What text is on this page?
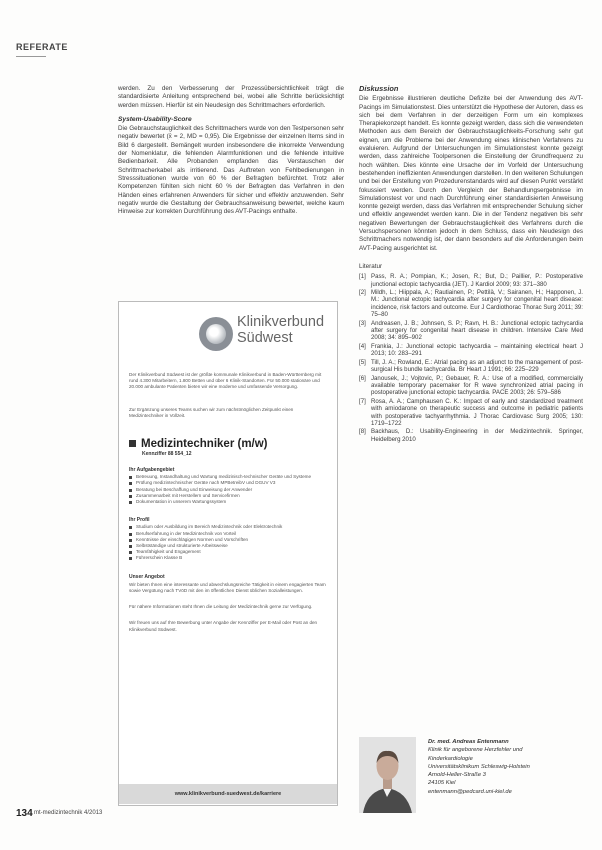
REFERATE

werden. Zu den Verbesserung der Prozessübersichtlichkeit trägt die standardisierte Anleitung entsprechend bei, wobei alle Schritte berücksichtigt werden müssen. Hierfür ist ein Neudesign des Schrittmachers erforderlich.

System-Usability-Score

Die Gebrauchstauglichkeit des Schrittmachers wurde von den Testpersonen sehr negativ bewertet (x̄ = 2, MD = 0,95). Die Ergebnisse der einzelnen Items sind in Bild 6 dargestellt. Bemängelt wurden insbesondere die inkorrekte Verwendung der Nomenklatur, die fehlenden Alarmfunktionen und die fehlende intuitive Bedienbarkeit. Alle Probanden empfanden das Verstauschen der Schrittmacherkabel als irritierend. Das Auftreten von Fehlbedienungen in Stresssituationen wurde von 60 % der Befragten befürchtet. Trotz aller Kompetenzen fühlten sich nicht 60 % der Befragten das Verfahren in den Händen eines erfahrenen Anwenders für sicher und effektiv anzuwenden. Sehr negativ wurde die Gestaltung der Gebrauchsanweisung bewertet, welche kaum Hinweise zur korrekten Durchführung des AVT-Pacings enthalte.

Klinikverbund Südwest
Der Klinikverbund Südwest ist der größte kommunale Klinikverbund in Baden-Württemberg mit rund 4.300 Mitarbeitern, 1.800 Betten und über 6 Klinik-Standorten. Für 50.000 stationäre und 20.000 ambulante Patienten bieten wir eine moderne und umfassende Versorgung.
Zur Ergänzung unseres Teams suchen wir zum nächstmöglichen Zeitpunkt einen Medizintechniker in Vollzeit.
Medizintechniker (m/w)
Kennziffer 88 554_12
Ihr Aufgabengebiet
Betreuung, Instandhaltung und Wartung medizinisch-technischer Geräte und Systeme
Prüfung medizintechnischer Geräte nach MPBetreibV und DGUV V3
Beratung bei Beschaffung und Einweisung der Anwender
Zusammenarbeit mit Herstellern und Servicefirmen
Dokumentation in unserem Wartungssystem
Ihr Profil
Studium oder Ausbildung im Bereich Medizintechnik oder Elektrotechnik
Berufserfahrung in der Medizintechnik von Vorteil
Kenntnisse der einschlägigen Normen und Vorschriften
Selbstständige und strukturierte Arbeitsweise
Teamfähigkeit und Engagement
Führerschein Klasse B
Unser Angebot

Wir bieten Ihnen eine interessante und abwechslungsreiche Tätigkeit in einem engagierten Team sowie Vergütung nach TVöD mit den im öffentlichen Dienst üblichen Sozialleistungen.

Für nähere Informationen steht Ihnen die Leitung der Medizintechnik gerne zur Verfügung.

Wir freuen uns auf Ihre Bewerbung unter Angabe der Kennziffer per E-Mail oder Post an den Klinikverbund Südwest.

www.klinikverbund-suedwest.de/karriere
Diskussion

Die Ergebnisse illustrieren deutliche Defizite bei der Anwendung des AVT-Pacings im Simulationstest. Dies unterstützt die Hypothese der Autoren, dass es sich bei dem Verfahren in der derzeitigen Form um ein komplexes Therapiekonzept handelt. Es konnte gezeigt werden, dass sich die verwendeten Methoden aus dem Bereich der Gebrauchstauglichkeits-Forschung sehr gut eignen, um die Probleme bei der Anwendung eines klinischen Verfahrens zu evaluieren. Aufgrund der Untersuchungen im Simulationstest konnte gezeigt werden, dass zahlreiche Toolpersonen die Einstellung der Grundfrequenz zu hoch wählten. Dies könnte eine Ursache der im Vorfeld der Untersuchung bestehenden ineffizienten Anwendungen darstellen. In den weiteren Schulungen und bei der Erstellung von Prozedurenstandards wird auf diesen Punkt verstärkt fokussiert werden. Durch den Vergleich der Behandlungsergebnisse im Simulationstest vor und nach Durchführung einer standardisierten Anweisung konnte gezeigt werden, dass das Verfahren mit entsprechender Schulung sicher und effektiv angewendet werden kann. Die in der Tendenz negativen bis sehr negativen Bewertungen der Gebrauchstauglichkeit des Verfahrens durch die Versuchspersonen könnten jedoch in dem Schluss, dass ein Neudesign des Schrittmachers notwendig ist, der dann besonders auf die Anforderungen beim AVT-Pacing ausgerichtet ist.

Literatur
[1] Pass, R. A.; Pompian, K.; Josen, R.; But, D.; Paillier, P.: Postoperative junctional ectopic tachycardia (JET). J Kardiol 2009; 93: 371–380
[2] Mildh, L.; Hiippala, A.; Rautiainen, P.; Pettilä, V.; Sairanen, H.; Happonen, J. M.: Junctional ectopic tachycardia after surgery for congenital heart disease: incidence, risk factors and outcome. Eur J Cardiothorac Thorac Surg 2011; 39: 75–80
[3] Andreasen, J. B.; Johnsen, S. P.; Ravn, H. B.: Junctional ectopic tachycardia after surgery for congenital heart disease in children. Intensive Care Med 2008; 34: 895–902
[4] Frankia, J.: Junctional ectopic tachycardia – maintaining electrical heart J 2013; 10: 283–291
[5] Till, J. A.; Rowland, E.: Atrial pacing as an adjunct to the management of post-surgical His bundle tachycardia. Br Heart J 1991; 66: 225–229
[6] Janousek, J.; Vojtovic, P.; Gebauer, R. A.: Use of a modified, commercially available temporary pacemaker for R wave synchronized atrial pacing in postoperative junctional ectopic tachycardia. PACE 2003; 26: 579–586
[7] Rosa, A. A.; Camphausen C. K.: Impact of early and standardized treatment with amiodarone on therapeutic success and outcome in pediatric patients with postoperative tachyarrhythmia. J Thorac Cardiovasc Surg 2005; 130: 1719–1722
[8] Backhaus, D.: Usability-Engineering in der Medizintechnik. Springer, Heidelberg 2010
Dr. med. Andreas Entenmann
Klinik für angeborene Herzfehler und
Kinderkardiologie
Universitätsklinikum Schleswig-Holstein
Arnold-Heller-Straße 3
24105 Kiel
entenmann@pedcard.uni-kiel.de
134 mt-medizintechnik 4/2013
